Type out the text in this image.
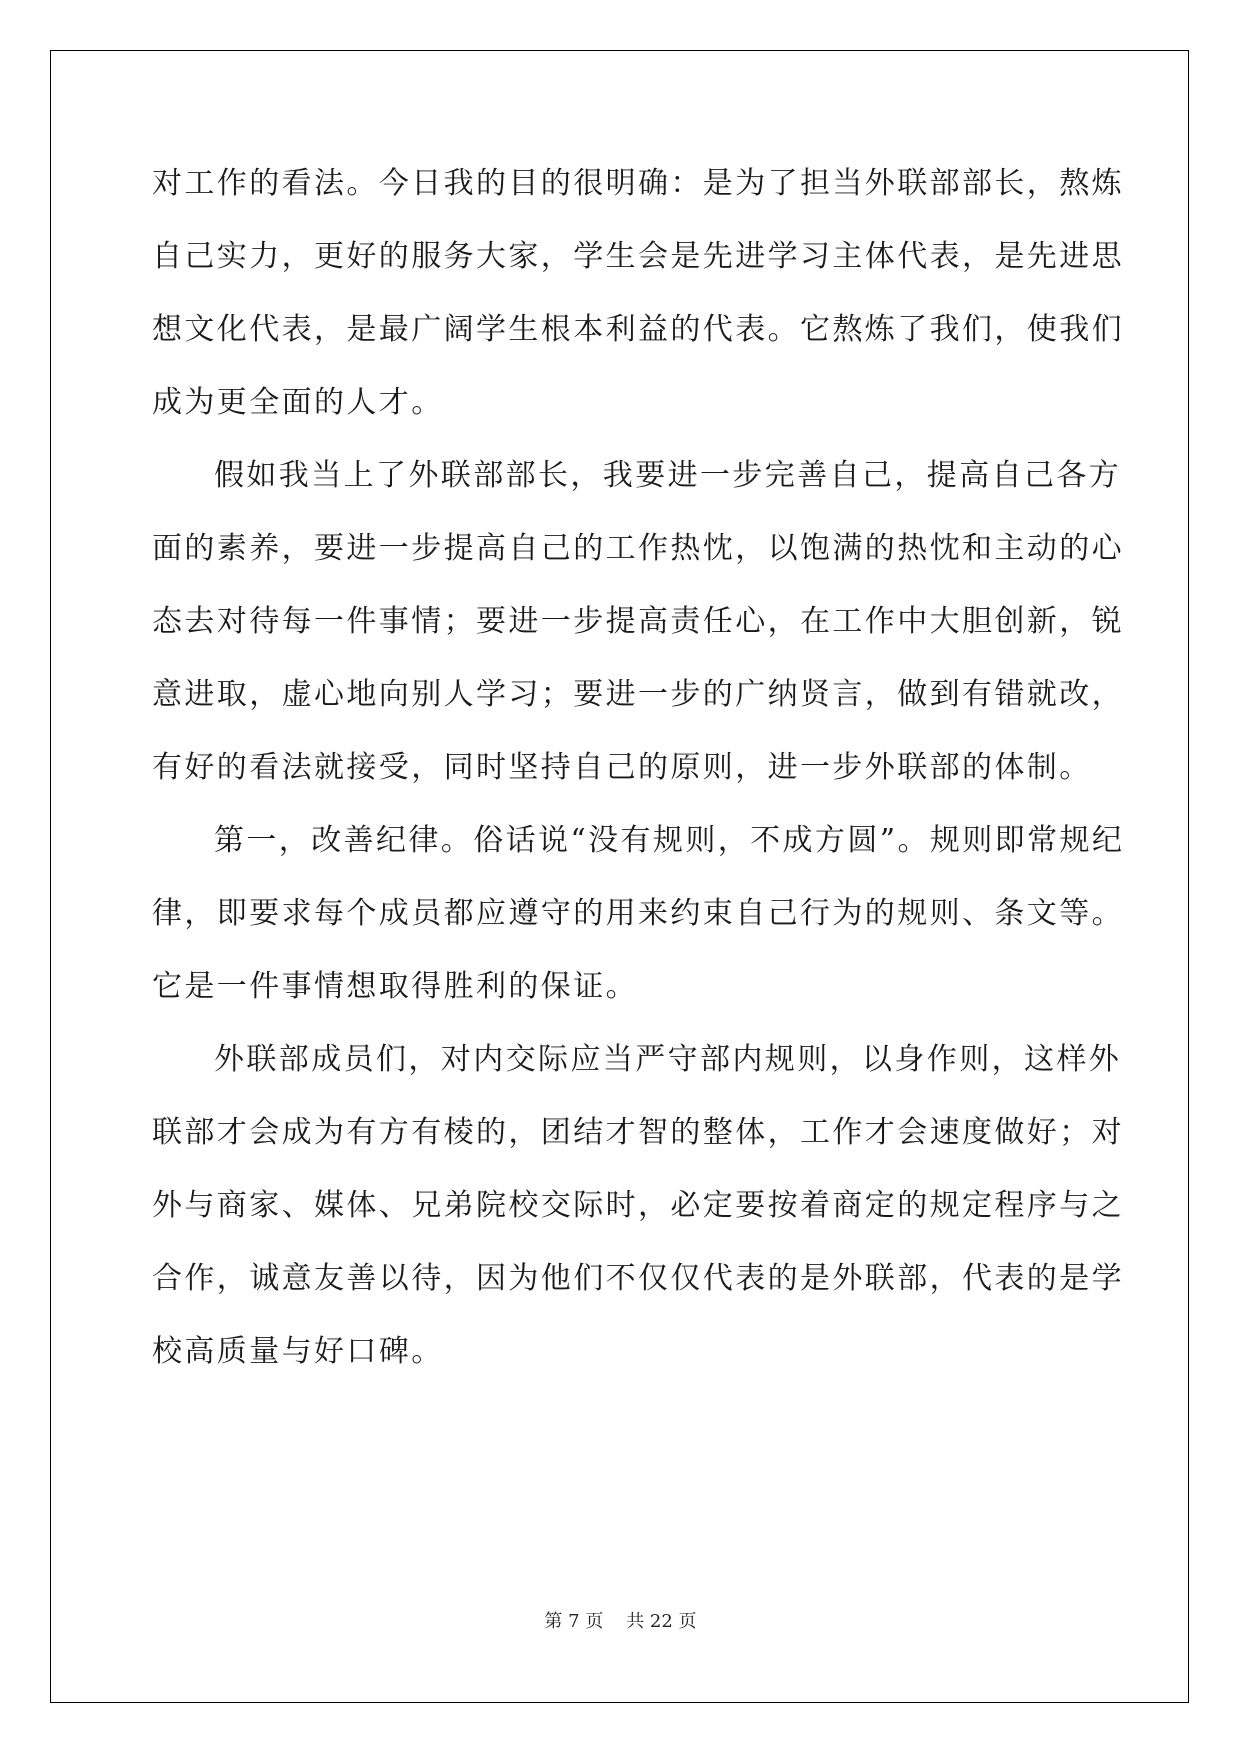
对工作的看法。今日我的目的很明确：是为了担当外联部部长，熬炼
自己实力，更好的服务大家，学生会是先进学习主体代表，是先进思
想文化代表，是最广阔学生根本利益的代表。它熬炼了我们，使我们
成为更全面的人才。
假如我当上了外联部部长，我要进一步完善自己，提高自己各方
面的素养，要进一步提高自己的工作热忱，以饱满的热忱和主动的心
态去对待每一件事情；要进一步提高责任心，在工作中大胆创新，锐
意进取，虚心地向别人学习；要进一步的广纳贤言，做到有错就改，
有好的看法就接受，同时坚持自己的原则，进一步外联部的体制。
第一，改善纪律。俗话说“没有规则，不成方圆”。规则即常规纪
律，即要求每个成员都应遵守的用来约束自己行为的规则、条文等。
它是一件事情想取得胜利的保证。
外联部成员们，对内交际应当严守部内规则，以身作则，这样外
联部才会成为有方有棱的，团结才智的整体，工作才会速度做好；对
外与商家、媒体、兄弟院校交际时，必定要按着商定的规定程序与之
合作，诚意友善以待，因为他们不仅仅代表的是外联部，代表的是学
校高质量与好口碑。
第 7 页    共 22 页
